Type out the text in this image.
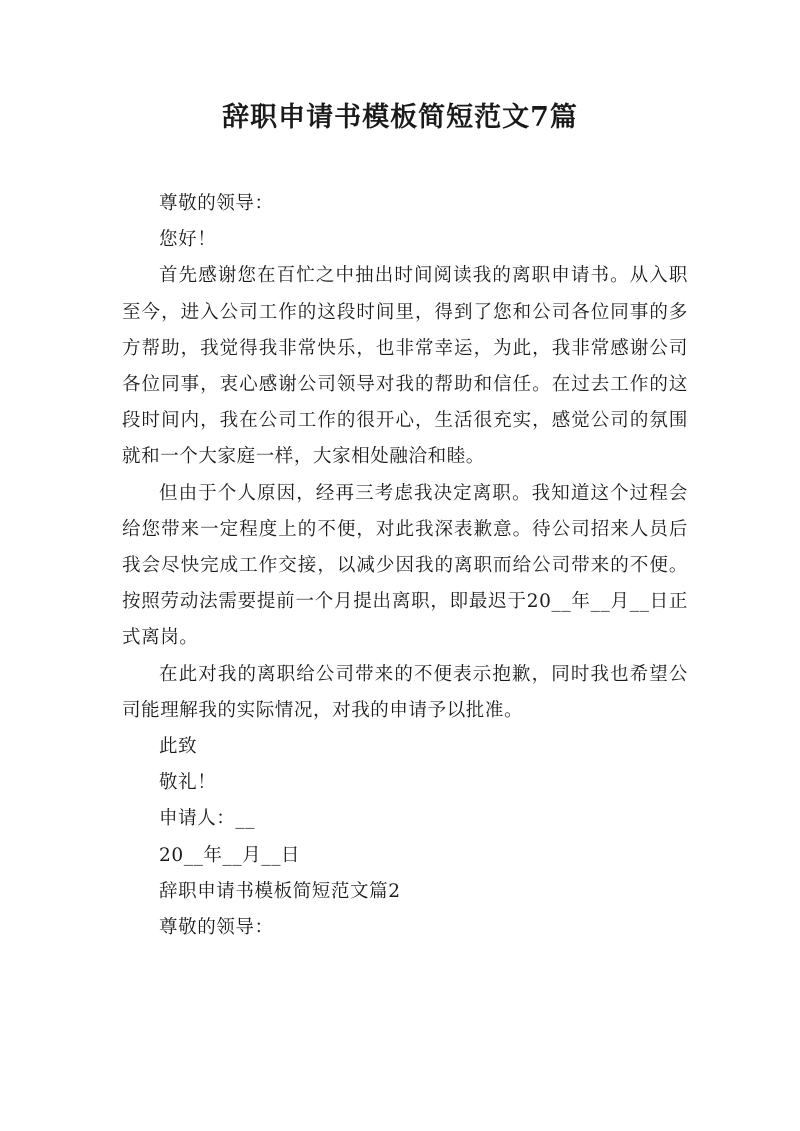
辞职申请书模板简短范文7篇
尊敬的领导：
您好！

首先感谢您在百忙之中抽出时间阅读我的离职申请书。从入职至今，进入公司工作的这段时间里，得到了您和公司各位同事的多方帮助，我觉得我非常快乐，也非常幸运，为此，我非常感谢公司各位同事，衷心感谢公司领导对我的帮助和信任。在过去工作的这段时间内，我在公司工作的很开心，生活很充实，感觉公司的氛围就和一个大家庭一样，大家相处融洽和睦。

但由于个人原因，经再三考虑我决定离职。我知道这个过程会给您带来一定程度上的不便，对此我深表歉意。待公司招来人员后我会尽快完成工作交接，以减少因我的离职而给公司带来的不便。按照劳动法需要提前一个月提出离职，即最迟于20__年__月__日正式离岗。

在此对我的离职给公司带来的不便表示抱歉，同时我也希望公司能理解我的实际情况，对我的申请予以批准。

此致
敬礼！
申请人：__
20__年__月__日
辞职申请书模板简短范文篇2
尊敬的领导：
